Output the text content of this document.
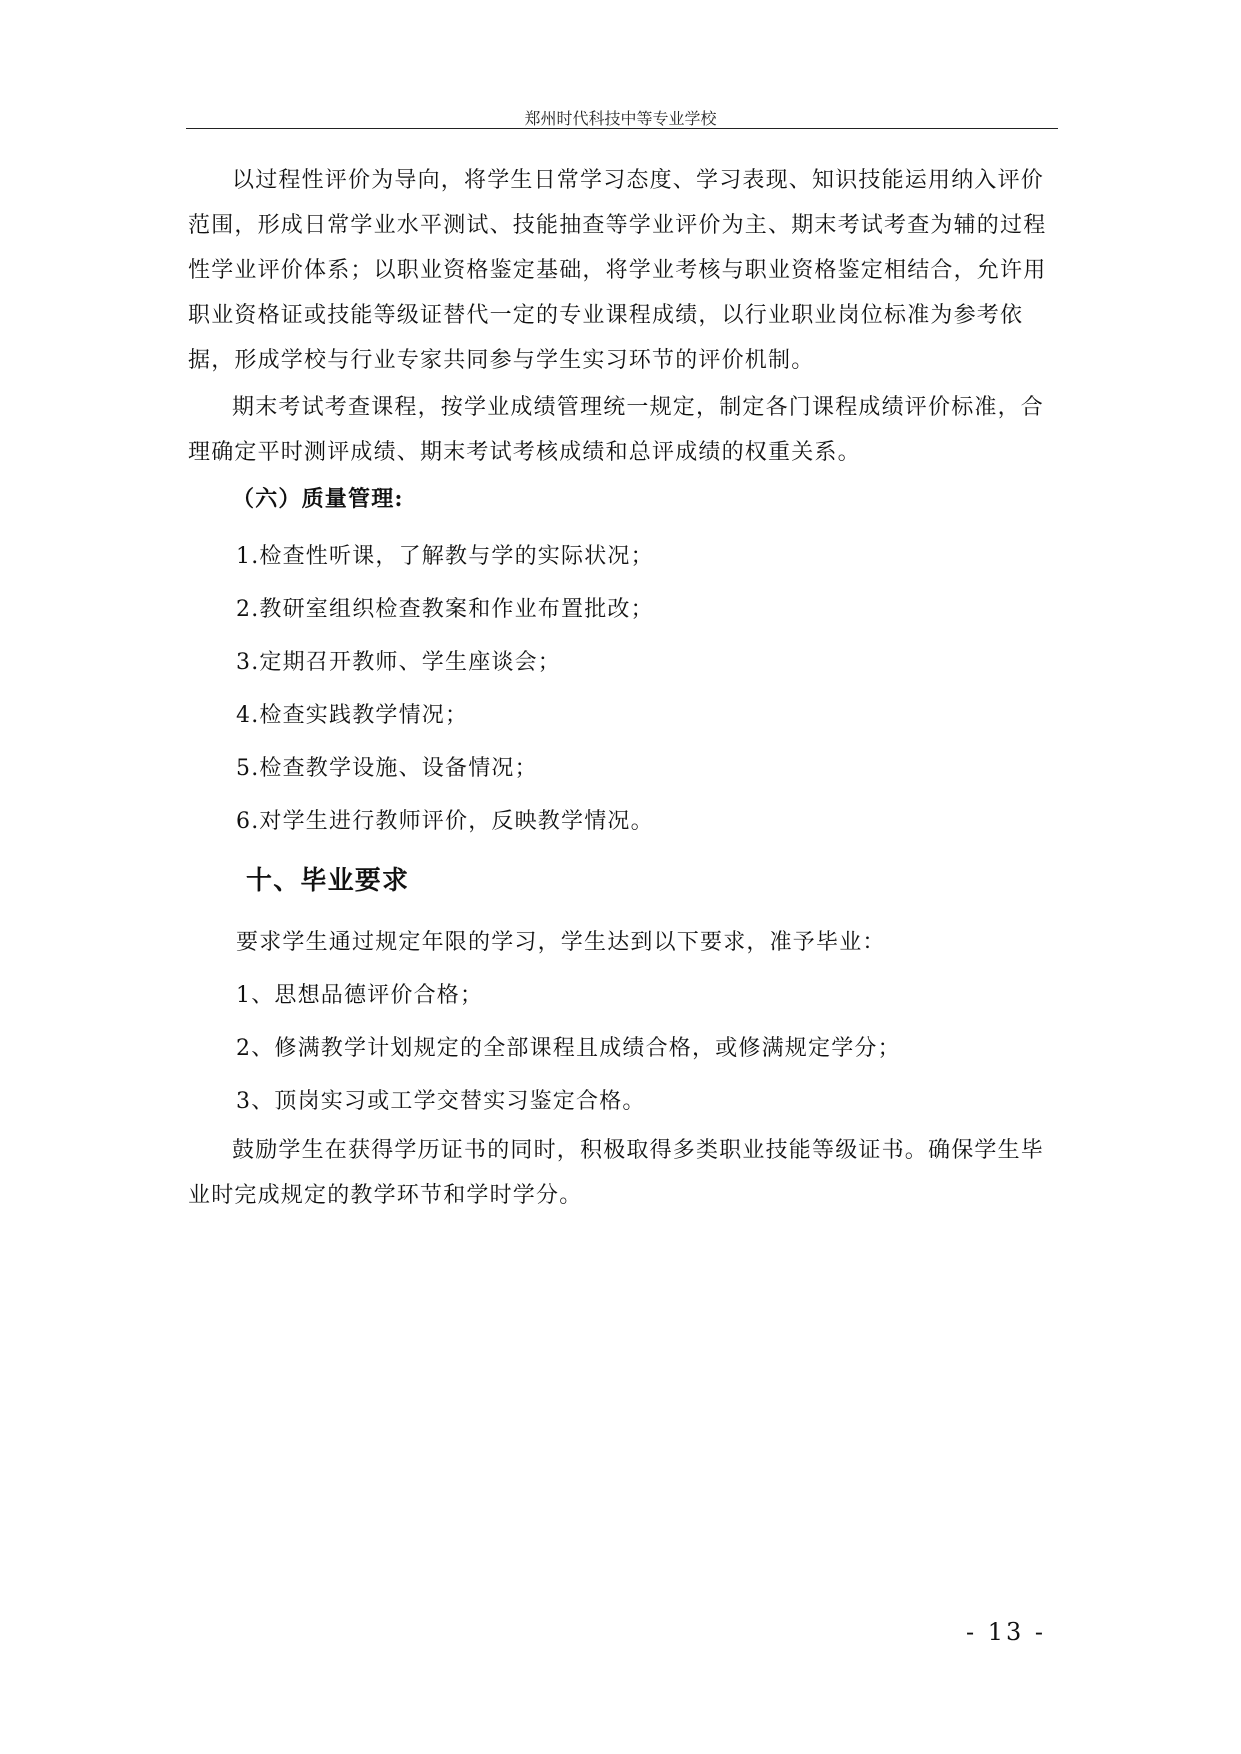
郑州时代科技中等专业学校

以过程性评价为导向，将学生日常学习态度、学习表现、知识技能运用纳入评价范围，形成日常学业水平测试、技能抽查等学业评价为主、期末考试考查为辅的过程性学业评价体系；以职业资格鉴定基础，将学业考核与职业资格鉴定相结合，允许用职业资格证或技能等级证替代一定的专业课程成绩，以行业职业岗位标准为参考依据，形成学校与行业专家共同参与学生实习环节的评价机制。

期末考试考查课程，按学业成绩管理统一规定，制定各门课程成绩评价标准，合理确定平时测评成绩、期末考试考核成绩和总评成绩的权重关系。

（六）质量管理:

1.检查性听课，了解教与学的实际状况；

2.教研室组织检查教案和作业布置批改；

3.定期召开教师、学生座谈会；

4.检查实践教学情况；

5.检查教学设施、设备情况；

6.对学生进行教师评价，反映教学情况。

十、毕业要求

要求学生通过规定年限的学习，学生达到以下要求，准予毕业：

1、思想品德评价合格；

2、修满教学计划规定的全部课程且成绩合格，或修满规定学分；

3、顶岗实习或工学交替实习鉴定合格。

鼓励学生在获得学历证书的同时，积极取得多类职业技能等级证书。确保学生毕业时完成规定的教学环节和学时学分。

- 13 -
